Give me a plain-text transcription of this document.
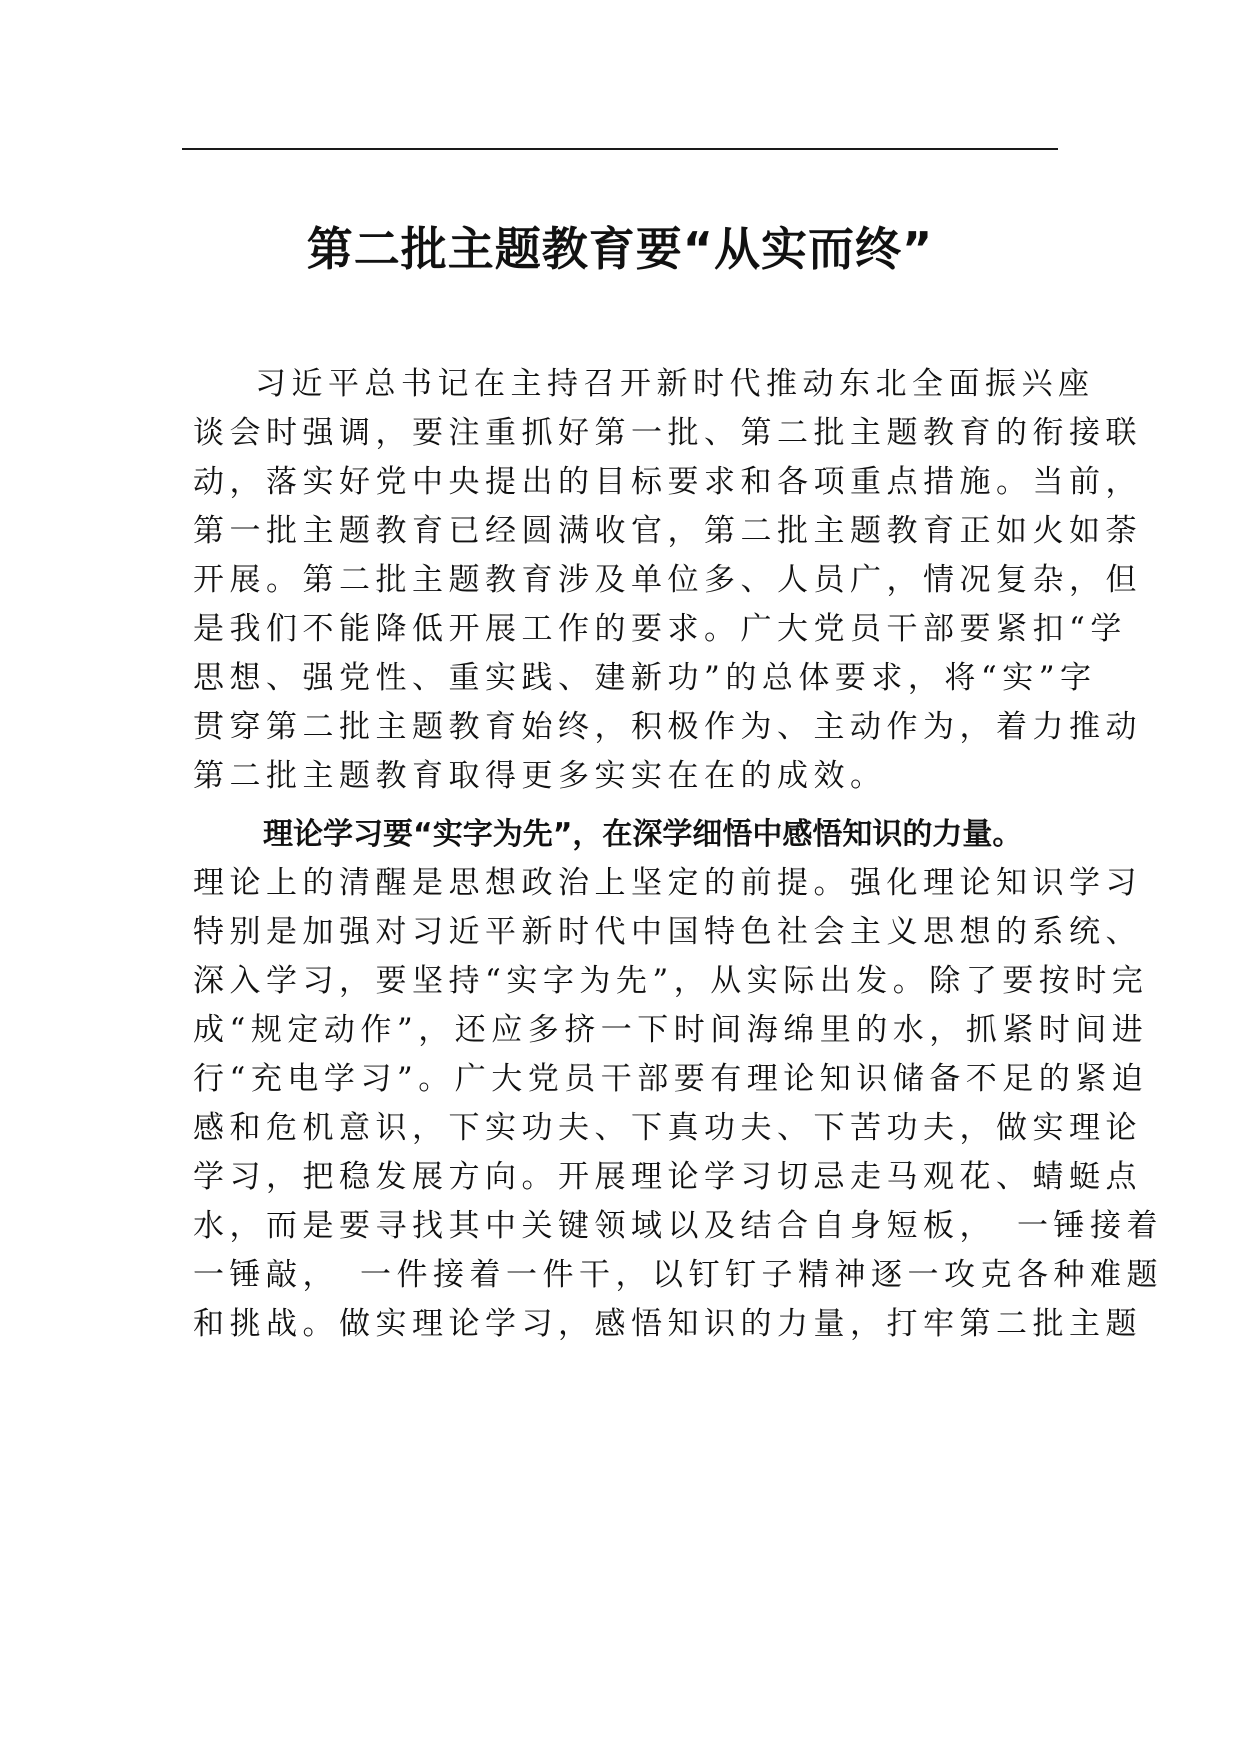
第二批主题教育要“从实而终”

习近平总书记在主持召开新时代推动东北全面振兴座
谈会时强调，要注重抓好第一批、第二批主题教育的衔接联
动，落实好党中央提出的目标要求和各项重点措施。当前，
第一批主题教育已经圆满收官，第二批主题教育正如火如荼
开展。第二批主题教育涉及单位多、人员广，情况复杂，但
是我们不能降低开展工作的要求。广大党员干部要紧扣“学
思想、强党性、重实践、建新功”的总体要求，将“实”字
贯穿第二批主题教育始终，积极作为、主动作为，着力推动
第二批主题教育取得更多实实在在的成效。

理论学习要“实字为先”，在深学细悟中感悟知识的力量。
理论上的清醒是思想政治上坚定的前提。强化理论知识学习
特别是加强对习近平新时代中国特色社会主义思想的系统、
深入学习，要坚持“实字为先”，从实际出发。除了要按时完
成“规定动作”，还应多挤一下时间海绵里的水，抓紧时间进
行“充电学习”。广大党员干部要有理论知识储备不足的紧迫
感和危机意识，下实功夫、下真功夫、下苦功夫，做实理论
学习，把稳发展方向。开展理论学习切忌走马观花、蜻蜓点
水，而是要寻找其中关键领域以及结合自身短板，　一锤接着
一锤敲，　一件接着一件干，以钉钉子精神逐一攻克各种难题
和挑战。做实理论学习，感悟知识的力量，打牢第二批主题
